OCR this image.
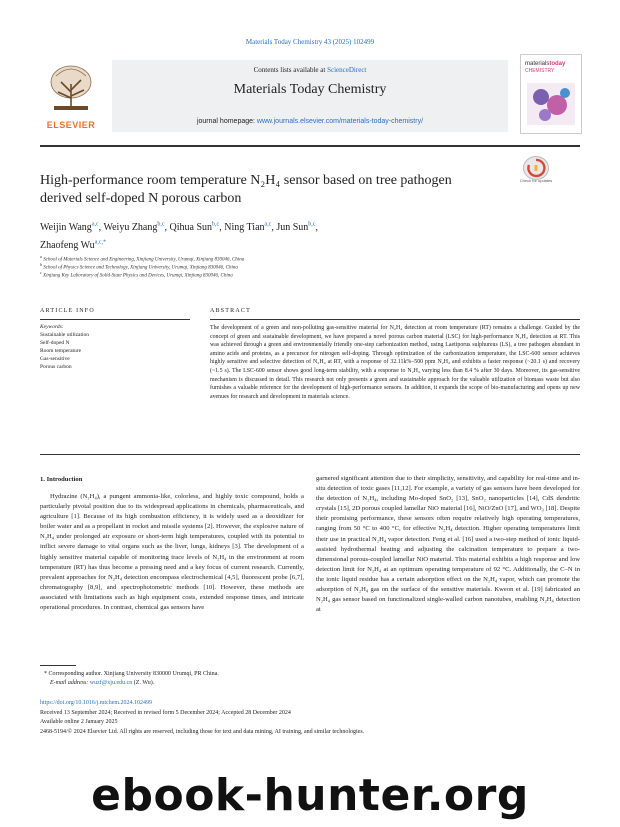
Materials Today Chemistry 43 (2025) 102499
ELSEVIER
Contents lists available at ScienceDirect
Materials Today Chemistry
journal homepage: www.journals.elsevier.com/materials-today-chemistry/
materialstoday
CHEMISTRY
High-performance room temperature N₂H₄ sensor based on tree pathogen derived self-doped N porous carbon
Check for updates
Weijin Wang$^{a,c}$, Weiyu Zhang$^{b,c}$, Qihua Sun$^{b,c}$, Ning Tian$^{a,c}$, Jun Sun$^{b,c}$,
Zhaofeng $Wu^{a,c,*}$
$^a$ School of Materials Science and Engineering, Xinjiang University, Urumqi, Xinjiang 830046, China
$^b$ School of Physics Science and Technology, Xinjiang University, Urumqi, Xinjiang 830046, China
$^c$ Xinjiang Key Laboratory of Solid-State Physics and Devices, Urumqi, Xinjiang 830046, China
ARTICLE INFO	ABSTRACT
Keywords:
Sustainable utilization
Self-doped N
Room temperature
Gas-sensitive
Porous carbon
The development of a green and non-polluting gas-sensitive material for N₂H₄ detection at room temperature (RT) remains a challenge. Guided by the concept of green and sustainable development, we have prepared a novel porous carbon material (LSC) for high-performance N₂H₄ detection at RT. This was achieved through a green and environmentally friendly one-step carbonization method, using Laetiporus sulphureus (LS), a tree pathogen abundant in amino acids and proteins, as a precursor for nitrogen self-doping. Through optimization of the carbonization temperature, the LSC-600 sensor achieves highly sensitive and selective detection of N₂H₄ at RT, with a response of 32.11k%–500 ppm N₂H₄ and exhibits a faster response (~20.1 s) and recovery (~1.5 s). The LSC-600 sensor shows good long-term stability, with a response to N₂H₄ varying less than 8.4 % after 30 days. Moreover, its gas-sensitive mechanism is discussed in detail. This research not only presents a green and sustainable approach for the valuable utilization of biomass waste but also furnishes a valuable reference for the development of high-performance sensors. In addition, it expands the scope of bio-manufacturing and opens up new avenues for research and development in materials science.
1. Introduction
Hydrazine (N₂H₄), a pungent ammonia-like, colorless, and highly toxic compound, holds a particularly pivotal position due to its widespread applications in chemicals, pharmaceuticals, and agriculture [1]. Because of its high combustion efficiency, it is widely used as a deoxidizer for boiler water and as a propellant in rocket and missile systems [2]. However, the explosive nature of N₂H₄ under prolonged air exposure or short-term high temperatures, coupled with its potential to inflict severe damage to vital organs such as the liver, lungs, kidneys [3]. The development of a highly sensitive material capable of monitoring trace levels of N₂H₄ in the environment at room temperature (RT) has thus become a pressing need and a key focus of current research. Currently, prevalent approaches for N₂H₄ detection encompass electrochemical [4,5], fluorescent probe [6,7], chromatography [8,9], and spectrophotometric methods [10]. However, these methods are associated with limitations such as high equipment costs, extended response times, and intricate operational procedures. In contrast, chemical gas sensors have
garnered significant attention due to their simplicity, sensitivity, and capability for real-time and in-situ detection of toxic gases [11,12]. For example, a variety of gas sensors have been developed for the detection of N₂H₄, including Mo-doped SnO₂ [13], SnO₂ nanoparticles [14], CdS dendritic crystals [15], 2D porous coupled lamellar NiO material [16], NiO/ZnO [17], and WO₃ [18]. Despite their promising performance, these sensors often require relatively high operating temperatures, ranging from 50 °C to 400 °C, for effective N₂H₄ detection. Higher operating temperatures limit their use in practical N₂H₄ vapor detection. Feng et al. [16] used a two-step method of ionic liquid-assisted hydrothermal heating and adjusting the calcination temperature to prepare a two-dimensional porous-coupled lamellar NiO material. This material exhibits a high response and low detection limit for N₂H₄ at an optimum operating temperature of 92 °C. Additionally, the C–N in the ionic liquid residue has a certain adsorption effect on the N₂H₄ vapor, which can promote the adsorption of N₂H₄ gas on the surface of the sensitive materials. Kweon et al. [19] fabricated an N₂H₄ gas sensor based on functionalized single-walled carbon nanotubes, enabling N₂H₄ detection at
* Corresponding author. Xinjiang University 830000 Urumqi, PR China.
E-mail address: wuzf@xju.edu.cn (Z. Wu).
https://doi.org/10.1016/j.mtchem.2024.102499
Received 13 September 2024; Received in revised form 5 December 2024; Accepted 28 December 2024
Available online 2 January 2025
2468-5194/© 2024 Elsevier Ltd. All rights are reserved, including those for text and data mining, AI training, and similar technologies.
ebook-hunter.org
